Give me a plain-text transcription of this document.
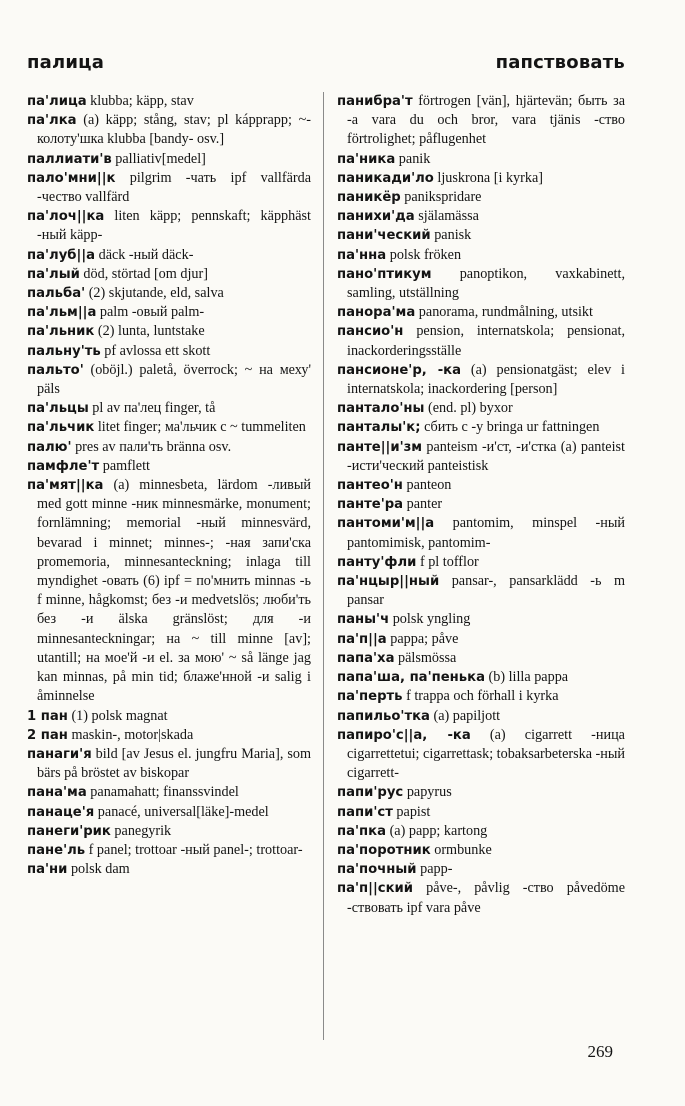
палица	папствовать

па'лица klubba; käpp, stav

па'лка (a) käpp; stång, stav; pl kápprapp; ~-колоту'шка klubba [bandy- osv.]

паллиати'в palliativ[medel]

пало'мни||к pilgrim -чать ipf vallfärda -чество vallfärd

па'лоч||ка liten käpp; pennskaft; käpphäst -ный käpp-

па'луб||а däck -ный däck-

па'лый död, störtad [om djur]

пальба' (2) skjutande, eld, salva

па'льм||а palm -овый palm-

па'льник (2) lunta, luntstake

пальну'ть pf avlossa ett skott

пальто' (oböjl.) paletå, överrock; ~ на меху' päls

па'льцы pl av па'лец finger, tå

па'льчик litet finger; ма'льчик с ~ tummeliten

палю' pres av пали'ть bränna osv.

памфле'т pamflett

па'мят||ка (a) minnesbeta, lärdom -ливый med gott minne -ник minnesmärke, monument; fornlämning; memorial -ный minnesvärd, bevarad i minnet; minnes-; -ная запи'ска promemoria, minnesanteckning; inlaga till myndighet -овать (6) ipf = по'мнить minnas -ь f minne, hågkomst; без -и medvetslös; люби'ть без -и älska gränslöst; для -и minnesanteckningar; на ~ till minne [av]; utantill; на мое'й -и el. за мою' ~ så länge jag kan minnas, på min tid; блаже'нной -и salig i åminnelse

1 пан (1) polsk magnat

2 пан maskin-, motor|skada

панаги'я bild [av Jesus el. jungfru Maria], som bärs på bröstet av biskopar

пана'ма panamahatt; finanssvindel

панаце'я panacé, universal[läke]-medel

панеги'рик panegyrik

пане'ль f panel; trottoar -ный panel-; trottoar-

па'ни polsk dam

панибра'т förtrogen [vän], hjärtevän; быть за -а vara du och bror, vara tjänis -ство förtrolighet; påflugenhet

па'ника panik

паникади'ло ljuskrona [i kyrka]

паникёр panikspridare

панихи'да själamässa

пани'ческий panisk

па'нна polsk fröken

пано'птикум panoptikon, vaxkabinett, samling, utställning

панора'ма panorama, rundmålning, utsikt

пансио'н pension, internatskola; pensionat, inackorderingsställe

пансионе'р, -ка (a) pensionatgäst; elev i internatskola; inackordering [person]

панталo'ны (end. pl) byxor

панталы'к; сбить с -у bringa ur fattningen

панте||и'зм panteism -и'ст, -и'стка (a) panteist -исти'ческий panteistisk

пантео'н panteon

панте'ра panter

пантоми'м||а pantomim, minspel -ный pantomimisk, pantomim-

панту'фли f pl tofflor

па'нцыр||ный pansar-, pansarklädd -ь m pansar

паны'ч polsk yngling

па'п||а pappa; påve

папа'ха pälsmössa

папа'ша, па'пенька (b) lilla pappa

па'перть f trappa och förhall i kyrka

папильо'тка (a) papiljott

папиро'с||а, -ка (a) cigarrett -ница cigarrettetui; cigarrettask; tobaksarbeterska -ный cigarrett-

папи'рус papyrus

папи'ст papist

па'пка (a) papp; kartong

па'поротник ormbunke

па'почный papp-

па'п||ский påve-, påvlig -ство påvedöme -ствовать ipf vara påve

269
